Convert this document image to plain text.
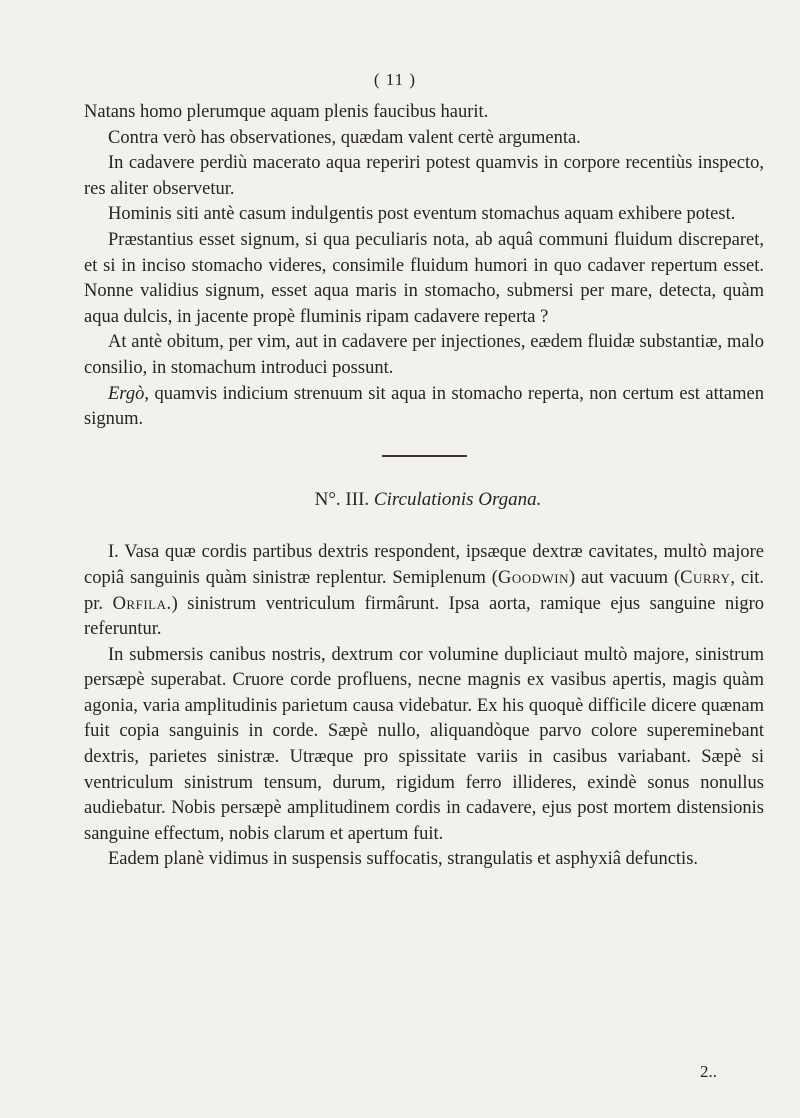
( 11 )

Natans homo plerumque aquam plenis faucibus haurit.

Contra verò has observationes, quædam valent certè argumenta.

In cadavere perdiù macerato aqua reperiri potest quamvis in corpore recentiùs inspecto, res aliter observetur.

Hominis siti antè casum indulgentis post eventum stomachus aquam exhibere potest.

Præstantius esset signum, si qua peculiaris nota, ab aquâ communi fluidum discreparet, et si in inciso stomacho videres, consimile fluidum humori in quo cadaver repertum esset. Nonne validius signum, esset aqua maris in stomacho, submersi per mare, detecta, quàm aqua dulcis, in jacente propè fluminis ripam cadavere reperta ?

At antè obitum, per vim, aut in cadavere per injectiones, eædem fluidæ substantiæ, malo consilio, in stomachum introduci possunt.

Ergò, quamvis indicium strenuum sit aqua in stomacho reperta, non certum est attamen signum.

N°. III. Circulationis Organa.

I. Vasa quæ cordis partibus dextris respondent, ipsæque dextræ cavitates, multò majore copiâ sanguinis quàm sinistræ replentur. Semiplenum (Goodwin) aut vacuum (Curry, cit. pr. Orfila.) sinistrum ventriculum firmârunt. Ipsa aorta, ramique ejus sanguine nigro referuntur.

In submersis canibus nostris, dextrum cor volumine dupliciaut multò majore, sinistrum persæpè superabat. Cruore corde profluens, necne magnis ex vasibus apertis, magis quàm agonia, varia amplitudinis parietum causa videbatur. Ex his quoquè difficile dicere quænam fuit copia sanguinis in corde. Sæpè nullo, aliquandòque parvo colore supereminebant dextris, parietes sinistræ. Utræque pro spissitate variis in casibus variabant. Sæpè si ventriculum sinistrum tensum, durum, rigidum ferro illideres, exindè sonus nonullus audiebatur. Nobis persæpè amplitudinem cordis in cadavere, ejus post mortem distensionis sanguine effectum, nobis clarum et apertum fuit.

Eadem planè vidimus in suspensis suffocatis, strangulatis et asphyxiâ defunctis.

2..
